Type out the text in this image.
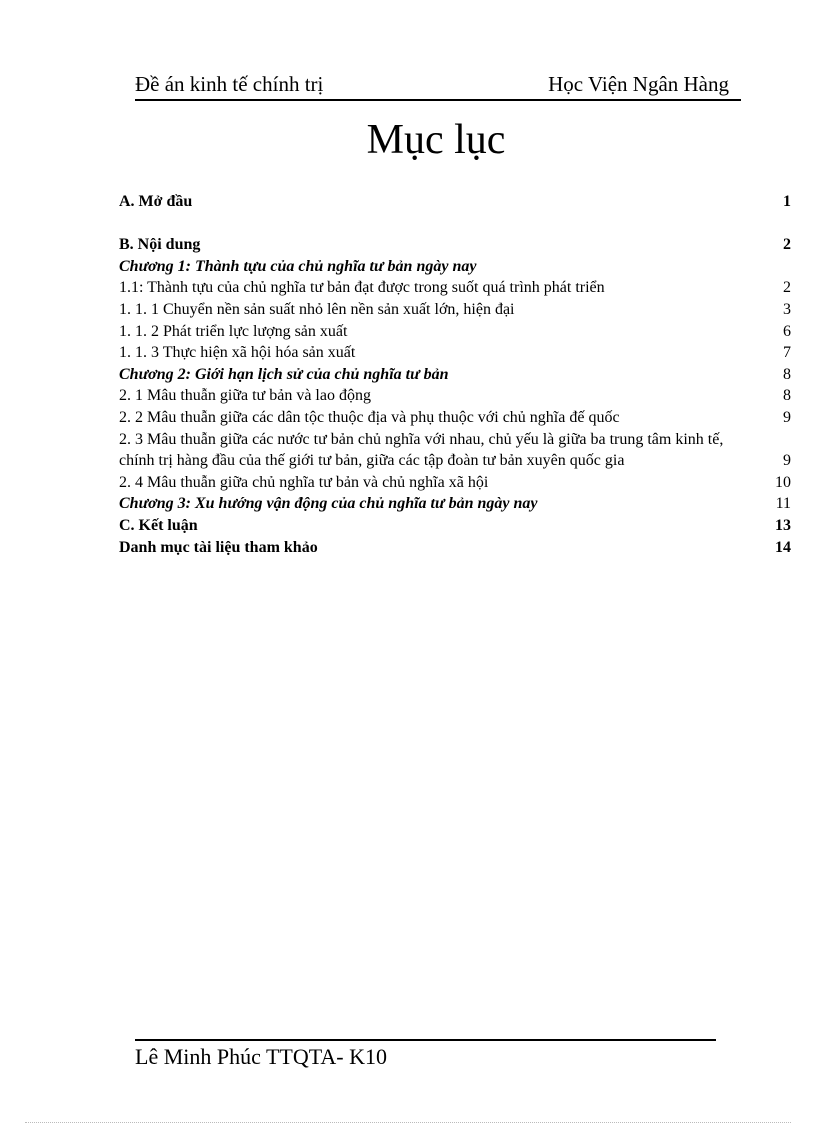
Đề án kinh tế chính trị	Học Viện Ngân Hàng
Mục lục
A. Mở đầu	1
B. Nội dung	2
Chương 1: Thành tựu của chủ nghĩa tư bản ngày nay
1.1: Thành tựu của chủ nghĩa tư bản đạt được trong suốt quá trình phát triển	2
1. 1. 1 Chuyển nền sản suất nhỏ lên nền sản xuất lớn, hiện đại	3
1. 1. 2 Phát triển lực lượng sản xuất	6
1. 1. 3 Thực hiện xã hội hóa sản xuất	7
Chương 2: Giới hạn lịch sử của chủ nghĩa tư bản	8
2. 1 Mâu thuẫn giữa tư bản và lao động	8
2. 2 Mâu thuẫn giữa các dân tộc thuộc địa và phụ thuộc với chủ nghĩa đế quốc	9
2. 3 Mâu thuẫn giữa các nước tư bản chủ nghĩa với nhau, chủ yếu là giữa ba trung tâm kinh tế, chính trị hàng đầu của thế giới tư bản, giữa các tập đoàn tư bản xuyên quốc gia	9
2. 4 Mâu thuẫn giữa chủ nghĩa tư bản và chủ nghĩa xã hội	10
Chương 3: Xu hướng vận động của chủ nghĩa tư bản ngày nay	11
C. Kết luận	13
Danh mục tài liệu tham khảo	14
Lê Minh Phúc TTQTA- K10
